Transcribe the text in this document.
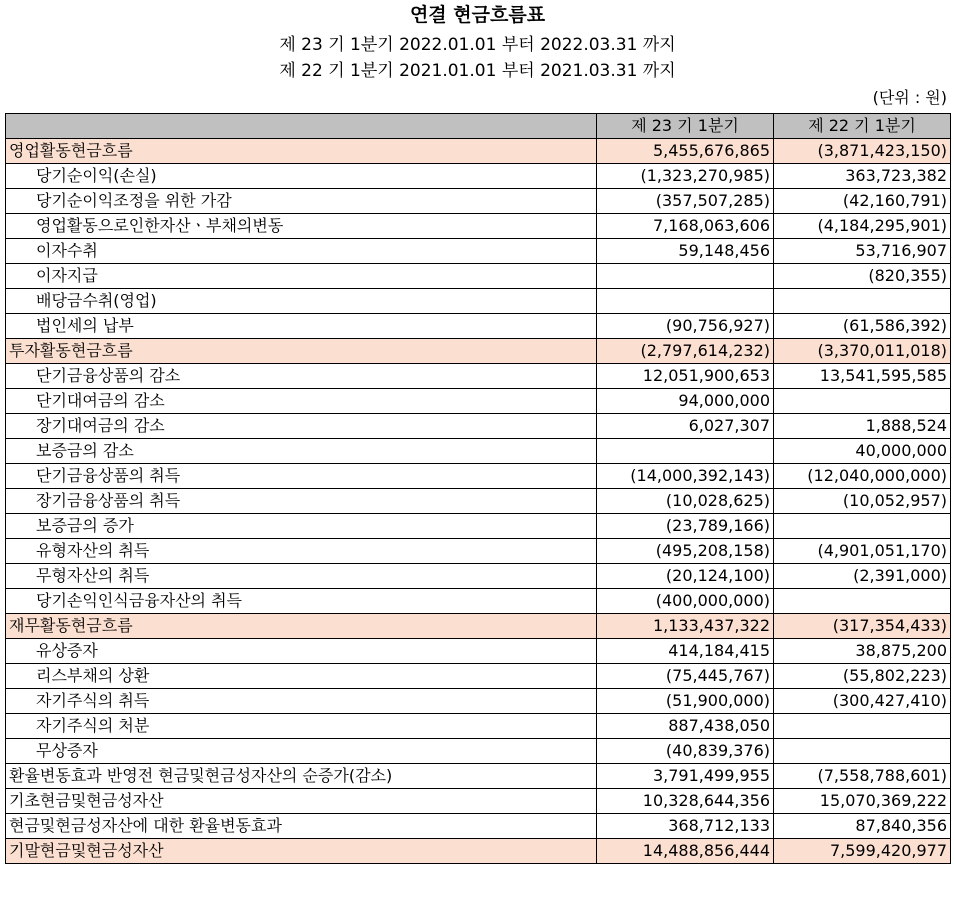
연결 현금흐름표
제 23 기 1분기 2022.01.01 부터 2022.03.31 까지
제 22 기 1분기 2021.01.01 부터 2021.03.31 까지
(단위 : 원)
	제 23 기 1분기	제 22 기 1분기
영업활동현금흐름	5,455,676,865	(3,871,423,150)
당기순이익(손실)	(1,323,270,985)	363,723,382
당기순이익조정을 위한 가감	(357,507,285)	(42,160,791)
영업활동으로인한자산ㆍ부채의변동	7,168,063,606	(4,184,295,901)
이자수취	59,148,456	53,716,907
이자지급		(820,355)
배당금수취(영업)		
법인세의 납부	(90,756,927)	(61,586,392)
투자활동현금흐름	(2,797,614,232)	(3,370,011,018)
단기금융상품의 감소	12,051,900,653	13,541,595,585
단기대여금의 감소	94,000,000	
장기대여금의 감소	6,027,307	1,888,524
보증금의 감소		40,000,000
단기금융상품의 취득	(14,000,392,143)	(12,040,000,000)
장기금융상품의 취득	(10,028,625)	(10,052,957)
보증금의 증가	(23,789,166)	
유형자산의 취득	(495,208,158)	(4,901,051,170)
무형자산의 취득	(20,124,100)	(2,391,000)
당기손익인식금융자산의 취득	(400,000,000)	
재무활동현금흐름	1,133,437,322	(317,354,433)
유상증자	414,184,415	38,875,200
리스부채의 상환	(75,445,767)	(55,802,223)
자기주식의 취득	(51,900,000)	(300,427,410)
자기주식의 처분	887,438,050	
무상증자	(40,839,376)	
환율변동효과 반영전 현금및현금성자산의 순증가(감소)	3,791,499,955	(7,558,788,601)
기초현금및현금성자산	10,328,644,356	15,070,369,222
현금및현금성자산에 대한 환율변동효과	368,712,133	87,840,356
기말현금및현금성자산	14,488,856,444	7,599,420,977
